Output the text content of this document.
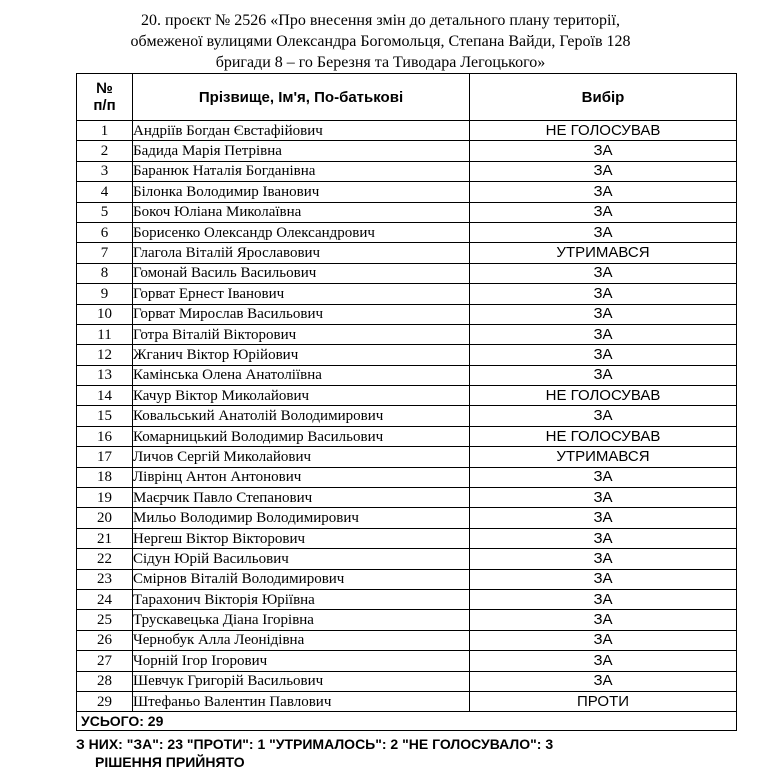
20. проєкт № 2526 «Про внесення змін до детального плану території,
обмеженої вулицями Олександра Богомольця, Степана Вайди, Героїв 128
бригади 8 – го Березня та Тиводара Легоцького»
№
п/п	Прізвище, Ім'я, По-батькові	Вибір
1	Андріїв Богдан Євстафійович	НЕ ГОЛОСУВАВ
2	Бадида Марія Петрівна	ЗА
3	Баранюк Наталія Богданівна	ЗА
4	Білонка Володимир Іванович	ЗА
5	Бокоч Юліана Миколаївна	ЗА
6	Борисенко Олександр Олександрович	ЗА
7	Глагола Віталій Ярославович	УТРИМАВСЯ
8	Гомонай Василь Васильович	ЗА
9	Горват Ернест Іванович	ЗА
10	Горват Мирослав Васильович	ЗА
11	Готра Віталій Вікторович	ЗА
12	Жганич Віктор Юрійович	ЗА
13	Камінська Олена Анатоліївна	ЗА
14	Качур Віктор Миколайович	НЕ ГОЛОСУВАВ
15	Ковальський Анатолій Володимирович	ЗА
16	Комарницький Володимир Васильович	НЕ ГОЛОСУВАВ
17	Личов Сергій Миколайович	УТРИМАВСЯ
18	Ліврінц Антон Антонович	ЗА
19	Маєрчик Павло Степанович	ЗА
20	Мильо Володимир Володимирович	ЗА
21	Нергеш Віктор Вікторович	ЗА
22	Сідун Юрій Васильович	ЗА
23	Смірнов Віталій Володимирович	ЗА
24	Тарахонич Вікторія Юріївна	ЗА
25	Трускавецька Діана Ігорівна	ЗА
26	Чернобук Алла Леонідівна	ЗА
27	Чорній Ігор Ігорович	ЗА
28	Шевчук Григорій Васильович	ЗА
29	Штефаньо Валентин Павлович	ПРОТИ
УСЬОГО: 29		
З НИХ: "ЗА": 23 "ПРОТИ": 1 "УТРИМАЛОСЬ": 2 "НЕ ГОЛОСУВАЛО": 3
РІШЕННЯ ПРИЙНЯТО
